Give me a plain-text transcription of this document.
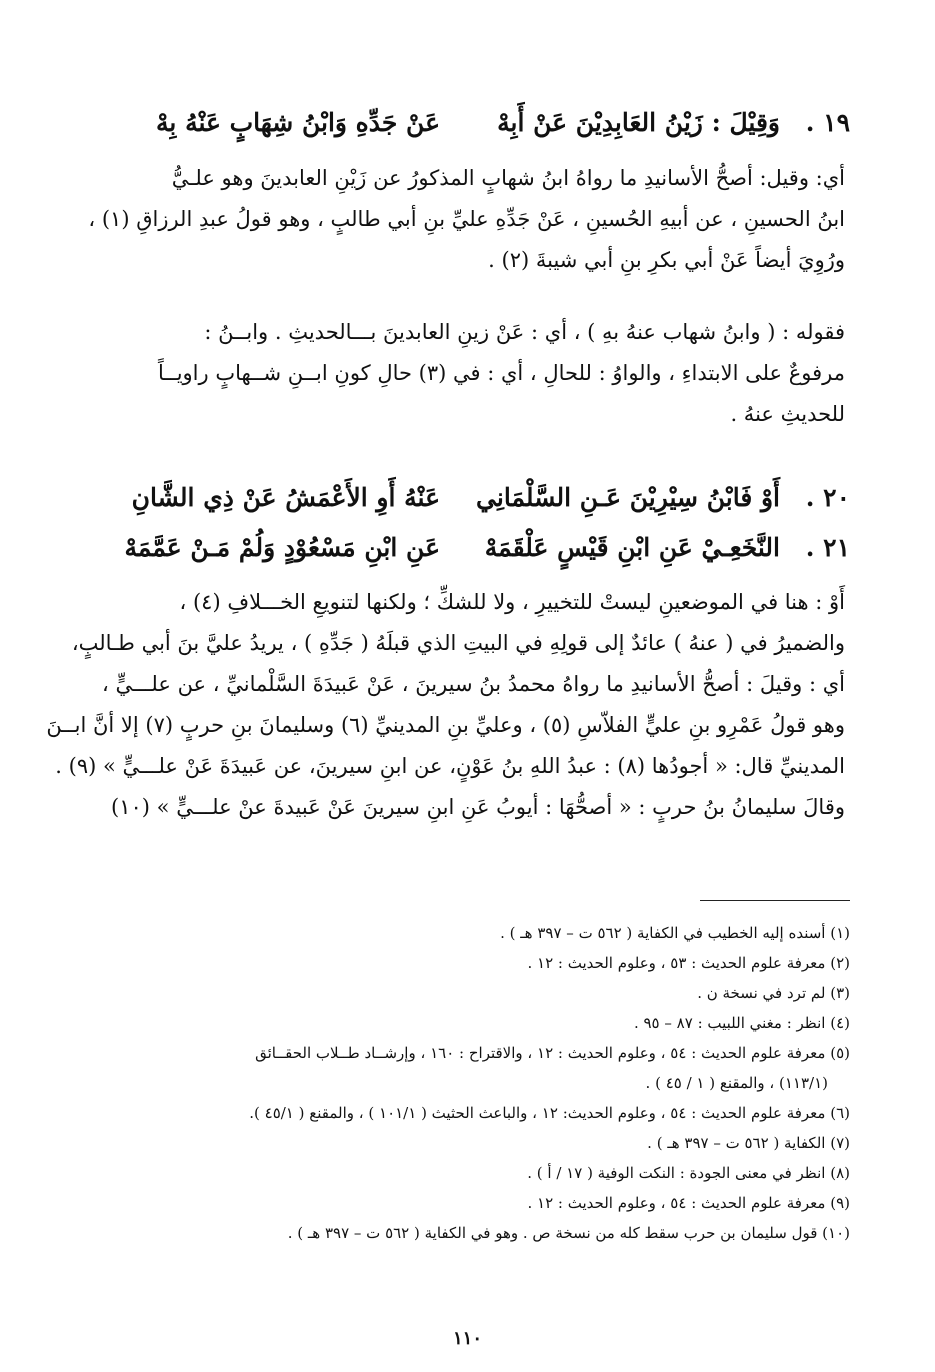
١٩ .
وَقِيْلَ : زَيْنُ العَابِدِيْنَ عَنْ أَبِهْ
عَنْ جَدِّهِ وَابْنُ شِهَابٍ عَنْهُ بِهْ
أي: وقيل: أصحُّ الأسانيدِ ما رواهُ ابنُ شهابٍ المذكورُ عن زَيْنِ العابدينَ وهو علـيُّ
ابنُ الحسينِ ، عن أبيهِ الحُسينِ ، عَنْ جَدِّهِ عليِّ بنِ أبي طالبٍ ، وهو قولُ عبدِ الرزاقِ (١) ،
ورُوِيَ أيضاً عَنْ أبي بكرِ بنِ أبي شيبةَ (٢) .
فقوله : ( وابنُ شهاب عنهُ بهِ ) ، أي : عَنْ زينِ العابدينَ بـــالحديثِ . وابــنُ :
مرفوعٌ على الابتداءِ ، والواوُ : للحالِ ، أي : في (٣) حالِ كونِ ابــنِ شــهابٍ راويــاً
للحديثِ عنهُ .
٢٠ .
أَوْ فَابْنُ سِيْرِيْنَ عَـنِ السَّلْمَانِي
عَنْهُ أَوِ الأَعْمَشُ عَنْ ذِي الشَّانِ
٢١ .
النَّخَعِـيْ عَنِ ابْنِ قَيْسٍ عَلْقَمَهْ
عَنِ ابْنِ مَسْعُوْدٍ وَلُمْ مَـنْ عَمَّمَهْ
أَوْ : هنا في الموضعينِ ليستْ للتخييرِ ، ولا للشكِّ ؛ ولكنها لتنويعِ الخـــلافِ (٤) ،
والضميرُ في ( عنهُ ) عائدٌ إلى قولِهِ في البيتِ الذي قبلَهُ ( جَدِّهِ ) ، يريدُ عليَّ بنَ أبي طـالبٍ،
أي : وقيلَ : أصحُّ الأسانيدِ ما رواهُ محمدُ بنُ سيرينَ ، عَنْ عَبيدَةَ السَّلْمانيِّ ، عن علـــيٍّ ،
وهو قولُ عَمْرِو بنِ عليٍّ الفلاّسِ (٥) ، وعليِّ بنِ المدينيِّ (٦) وسليمانَ بنِ حربٍ (٧) إلا أنَّ ابــنَ
المدينيِّ قال: « أجودُها (٨) : عبدُ اللهِ بنُ عَوْنٍ، عن ابنِ سيرينَ، عن عَبيدَةَ عَنْ علـــيٍّ » (٩) .
وقالَ سليمانُ بنُ حربٍ : « أصحُّهَا : أيوبُ عَنِ ابنِ سيرينَ عَنْ عَبيدةَ عنْ علـــيٍّ » (١٠)
(١) أسنده إليه الخطيب في الكفاية ( ٥٦٢ ت – ٣٩٧ هـ ) .
(٢) معرفة علوم الحديث : ٥٣ ، وعلوم الحديث : ١٢ .
(٣) لم ترد في نسخة ن .
(٤) انظر : مغني اللبيب : ٨٧ – ٩٥ .
(٥) معرفة علوم الحديث : ٥٤ ، وعلوم الحديث : ١٢ ، والاقتراح : ١٦٠ ، وإرشــاد طــلاب الحقــائق
(١١٣/١) ، والمقنع ( ١ / ٤٥ ) .
(٦) معرفة علوم الحديث : ٥٤ ، وعلوم الحديث: ١٢ ، والباعث الحثيث ( ١٠١/١ ) ، والمقنع ( ٤٥/١ ).
(٧) الكفاية ( ٥٦٢ ت – ٣٩٧ هـ ) .
(٨) انظر في معنى الجودة : النكت الوفية ( ١٧ / أ ) .
(٩) معرفة علوم الحديث : ٥٤ ، وعلوم الحديث : ١٢ .
(١٠) قول سليمان بن حرب سقط كله من نسخة ص . وهو في الكفاية ( ٥٦٢ ت – ٣٩٧ هـ ) .
١١٠
